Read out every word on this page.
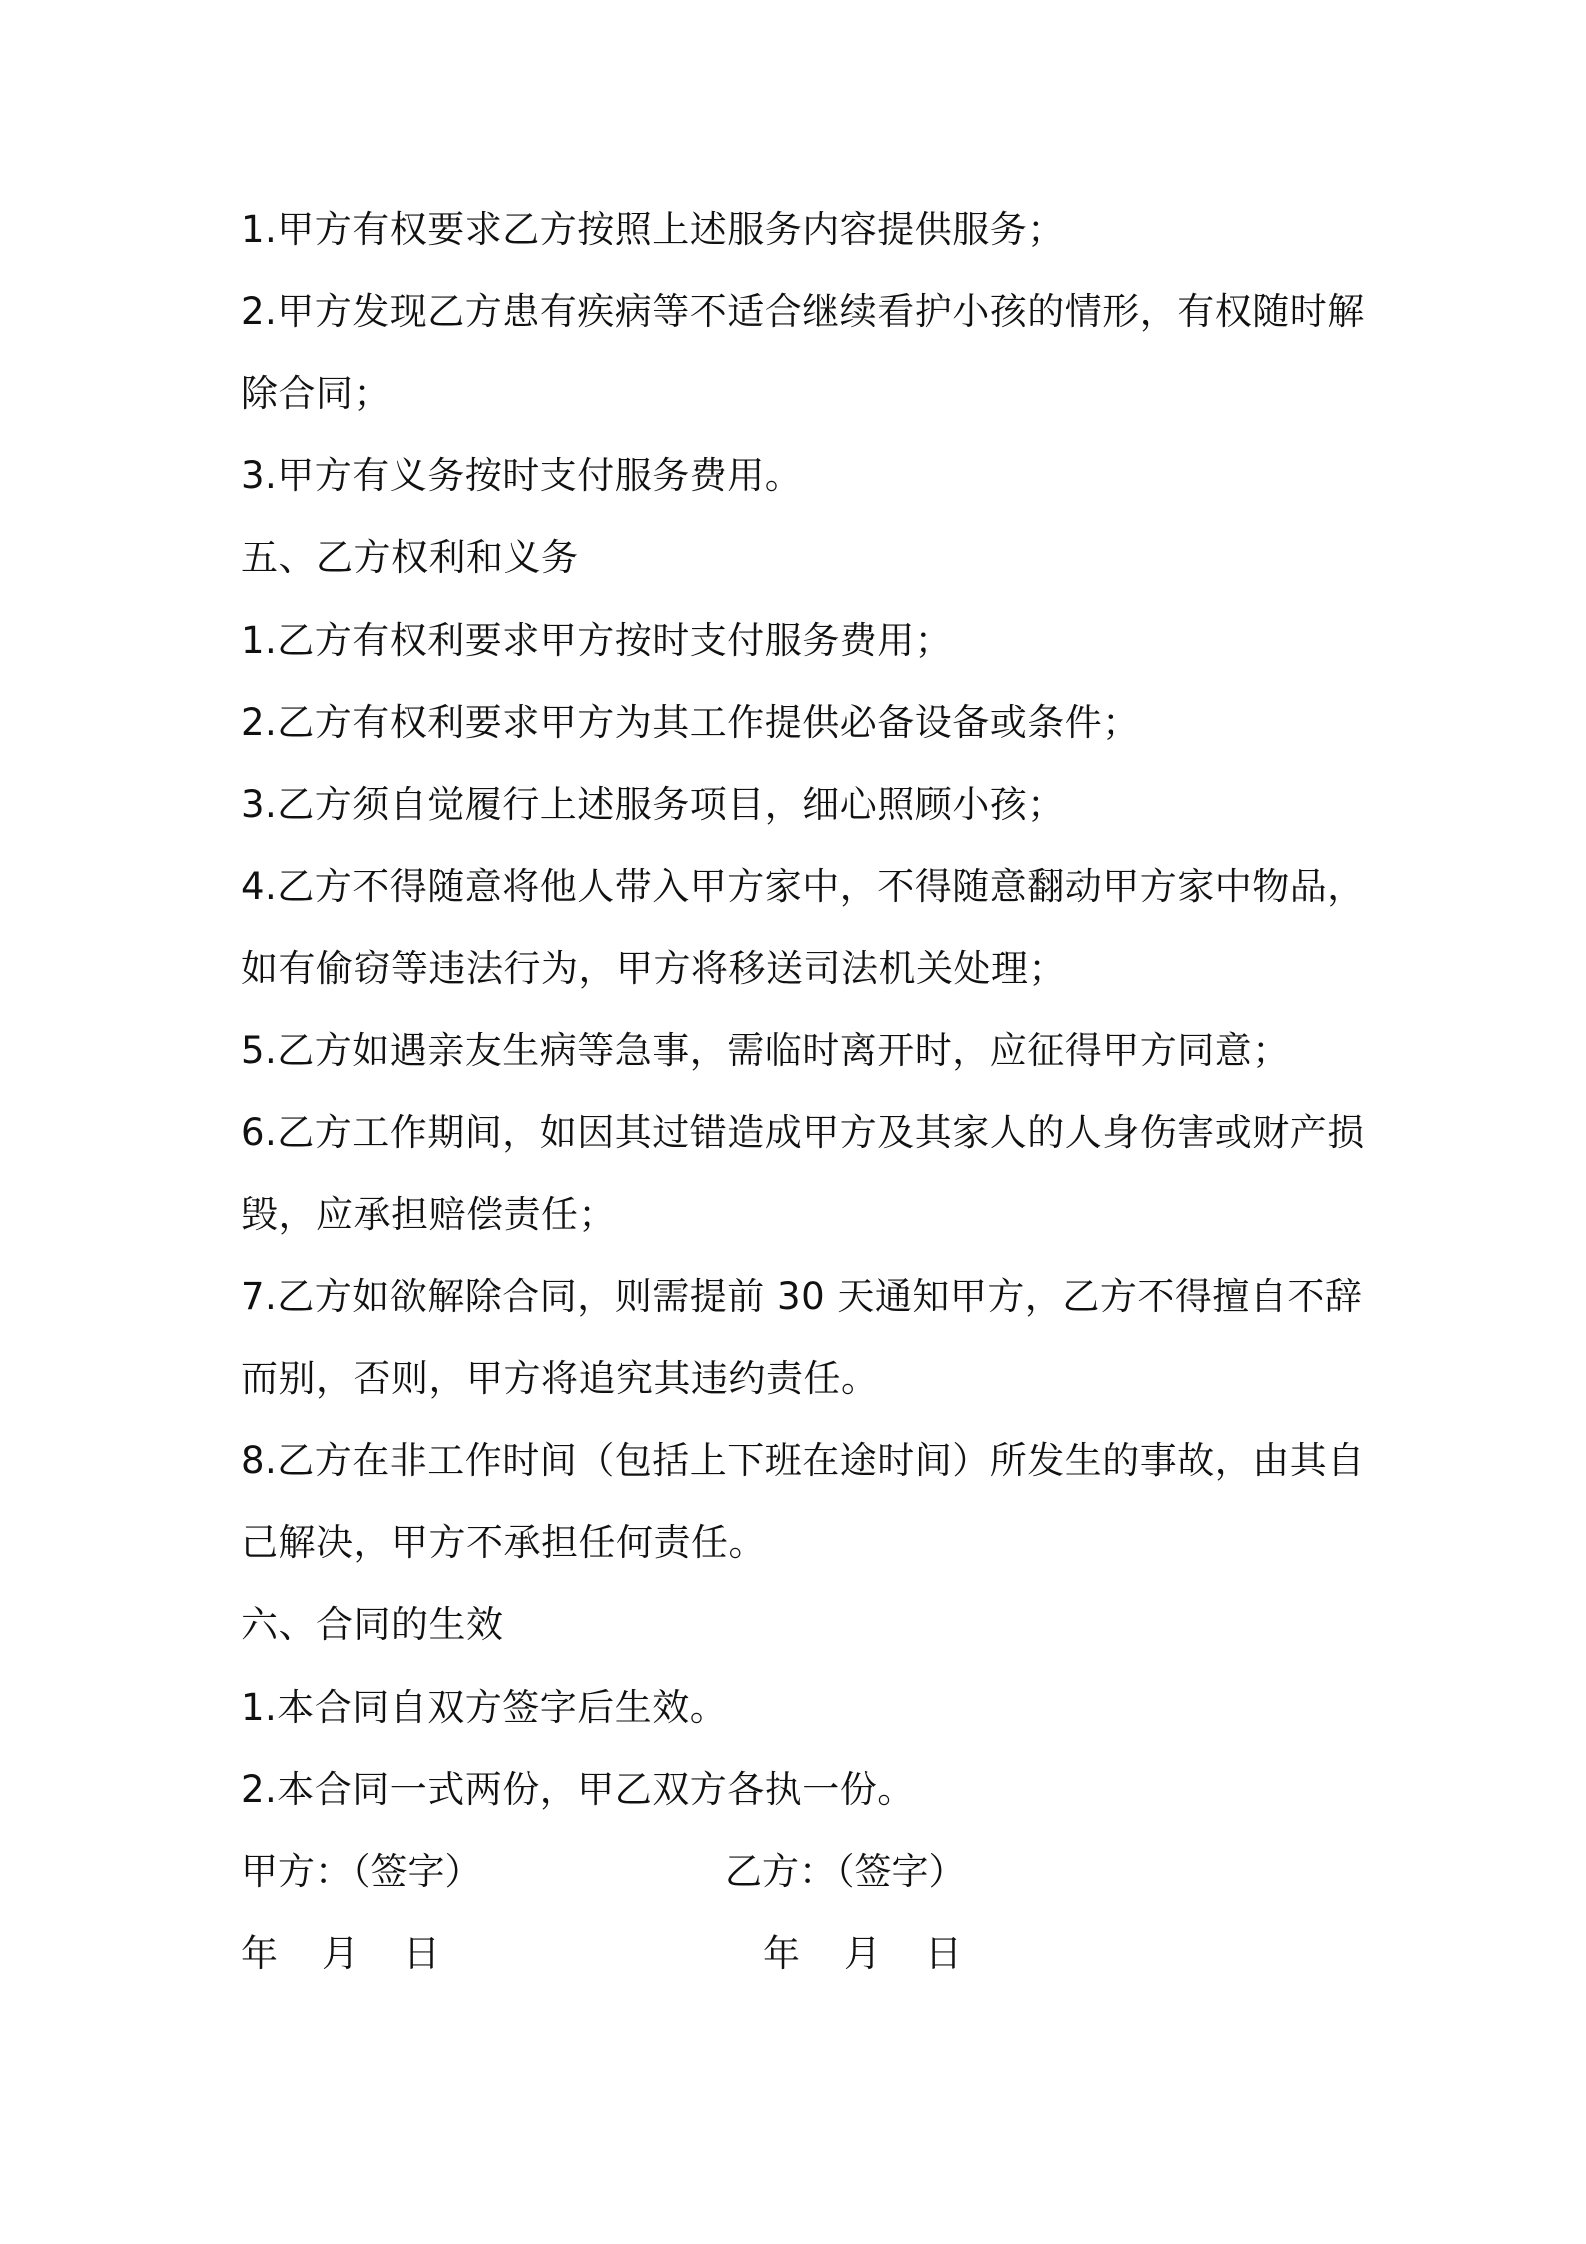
1.甲方有权要求乙方按照上述服务内容提供服务；
2.甲方发现乙方患有疾病等不适合继续看护小孩的情形，有权随时解
除合同；
3.甲方有义务按时支付服务费用。
五、乙方权利和义务
1.乙方有权利要求甲方按时支付服务费用；
2.乙方有权利要求甲方为其工作提供必备设备或条件；
3.乙方须自觉履行上述服务项目，细心照顾小孩；
4.乙方不得随意将他人带入甲方家中，不得随意翻动甲方家中物品，
如有偷窃等违法行为，甲方将移送司法机关处理；
5.乙方如遇亲友生病等急事，需临时离开时，应征得甲方同意；
6.乙方工作期间，如因其过错造成甲方及其家人的人身伤害或财产损
毁，应承担赔偿责任；
7.乙方如欲解除合同，则需提前 30 天通知甲方，乙方不得擅自不辞
而别，否则，甲方将追究其违约责任。
8.乙方在非工作时间（包括上下班在途时间）所发生的事故，由其自
己解决，甲方不承担任何责任。
六、合同的生效
1.本合同自双方签字后生效。
2.本合同一式两份，甲乙双方各执一份。
甲方：（签字）	乙方：（签字）
年 月 日	年 月 日
